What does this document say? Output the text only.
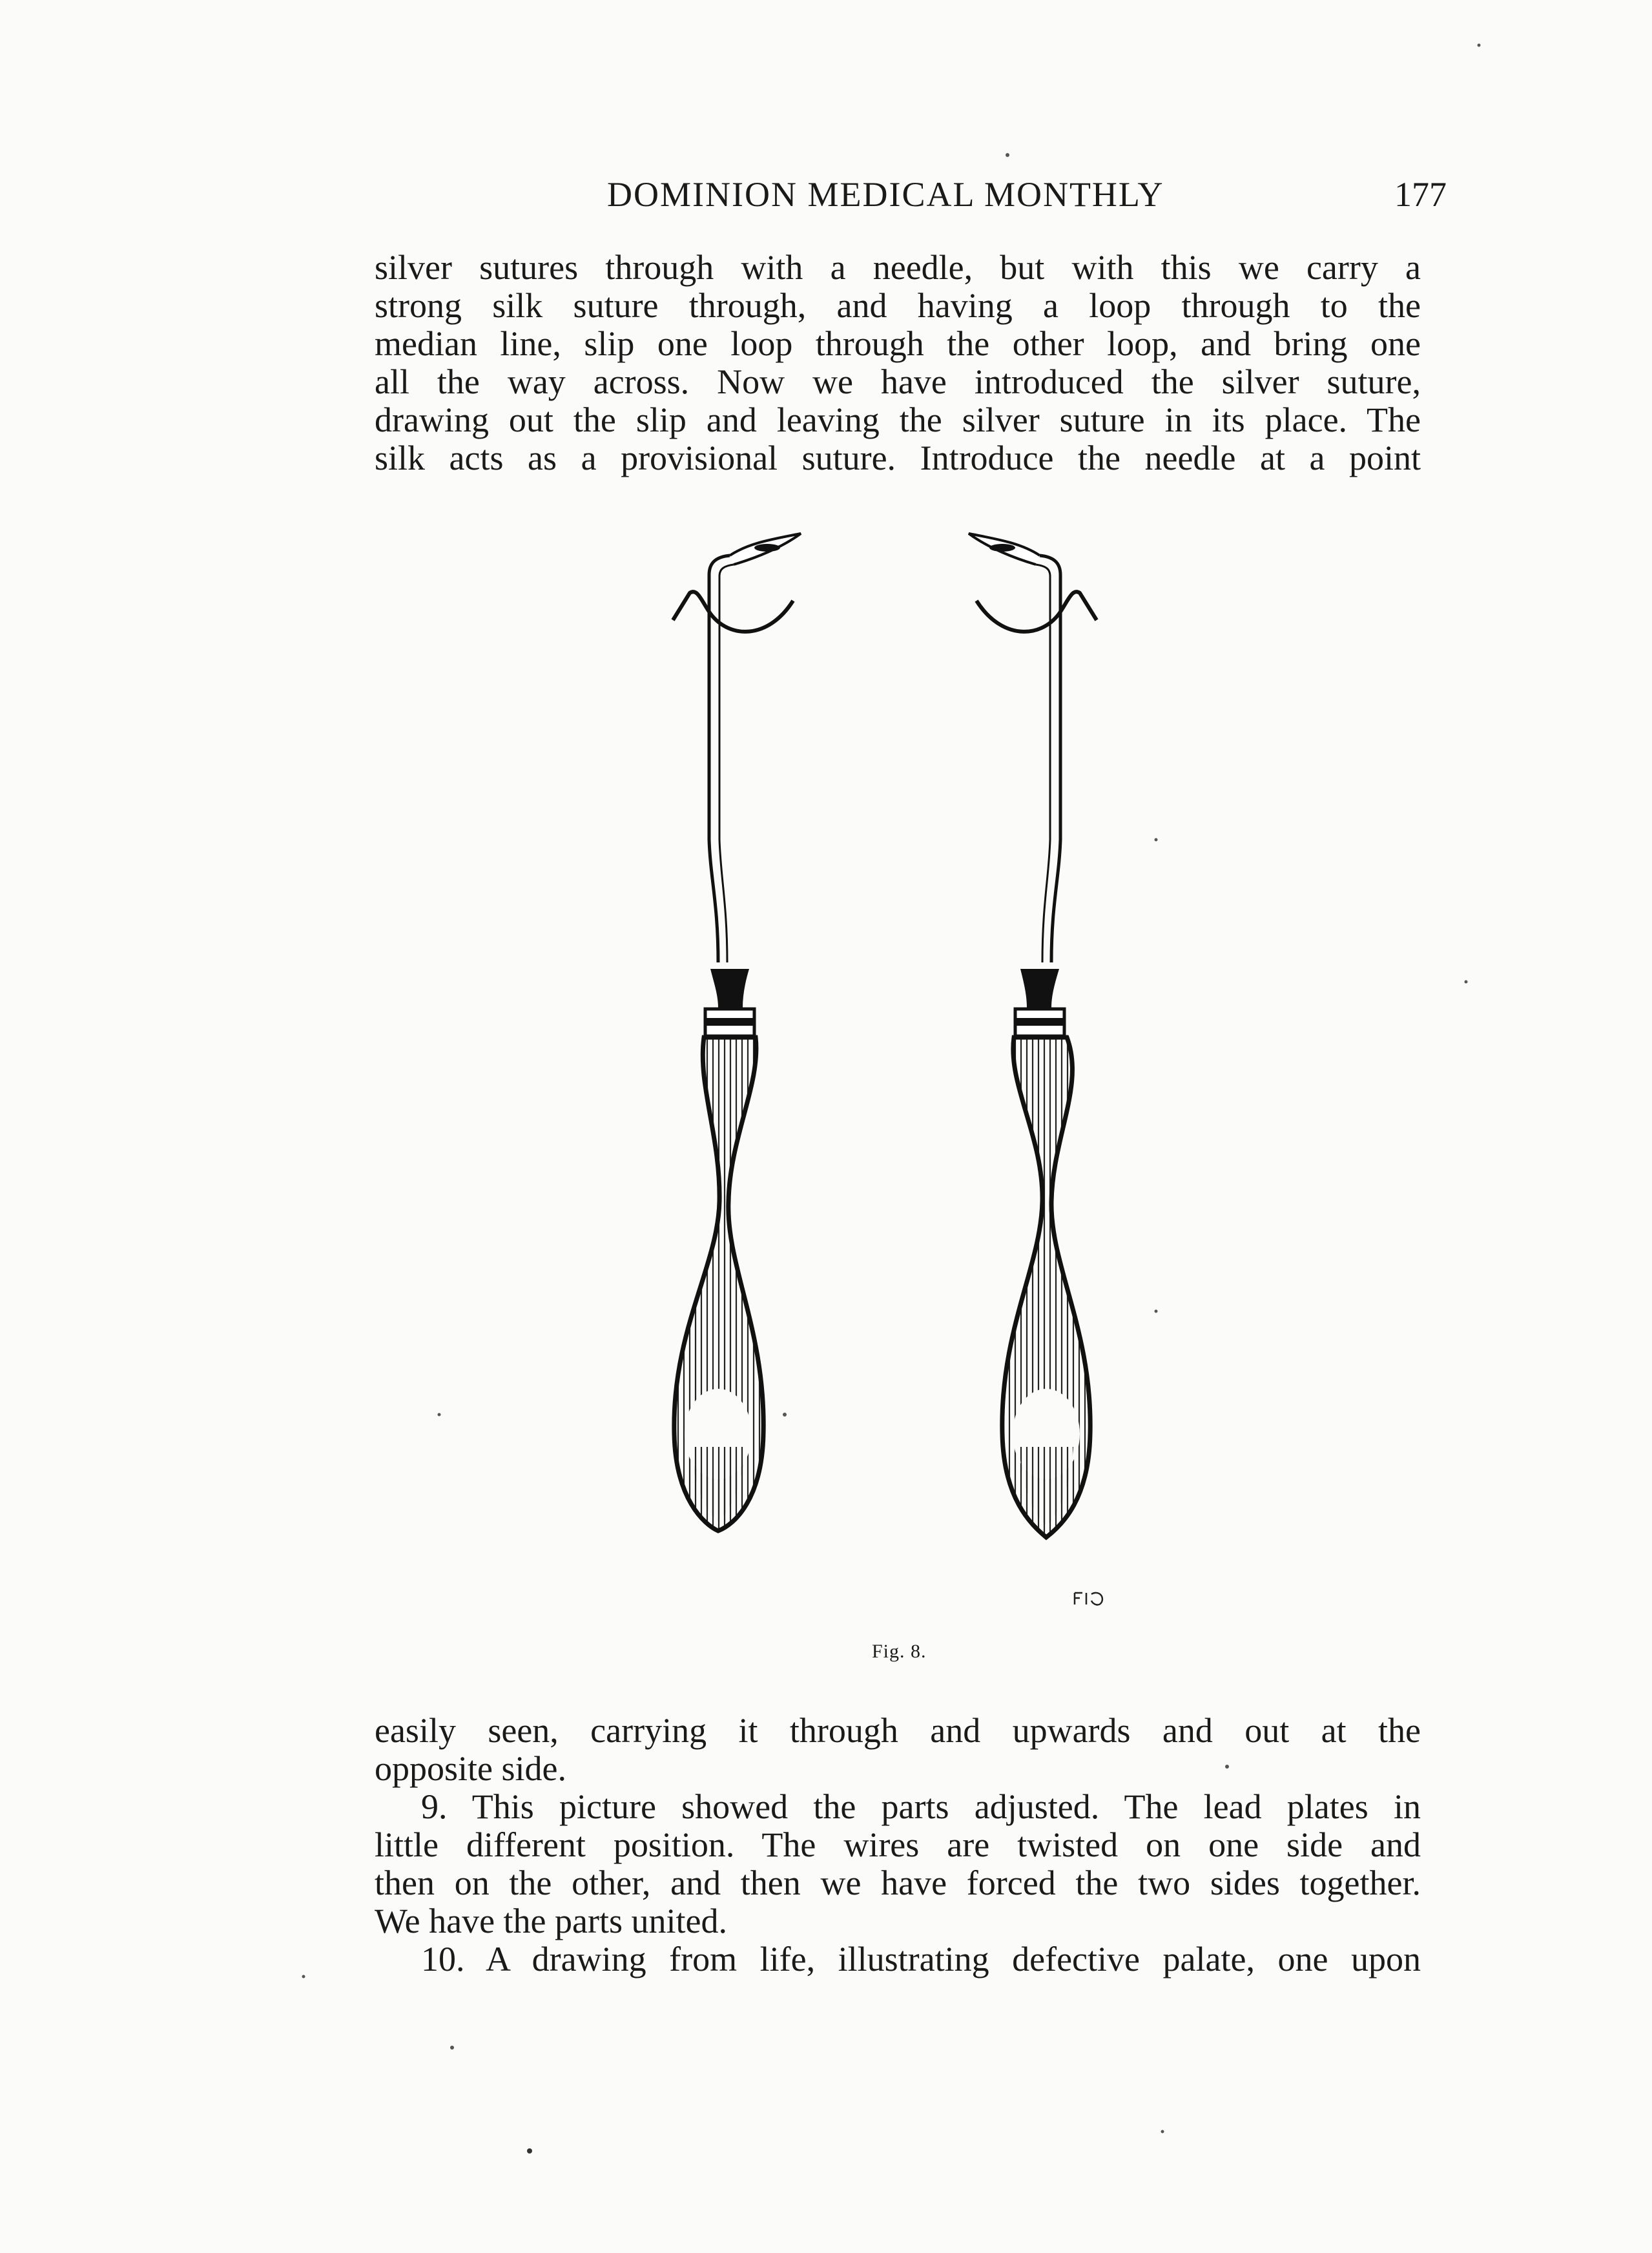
DOMINION MEDICAL MONTHLY	177
silver sutures through with a needle, but with this we carry a
strong silk suture through, and having a loop through to the
median line, slip one loop through the other loop, and bring one
all the way across. Now we have introduced the silver suture,
drawing out the slip and leaving the silver suture in its place. The
silk acts as a provisional suture. Introduce the needle at a point
Fig. 8.
easily seen, carrying it through and upwards and out at the
opposite side.
9. This picture showed the parts adjusted. The lead plates in
little different position. The wires are twisted on one side and
then on the other, and then we have forced the two sides together.
We have the parts united.
10. A drawing from life, illustrating defective palate, one upon
